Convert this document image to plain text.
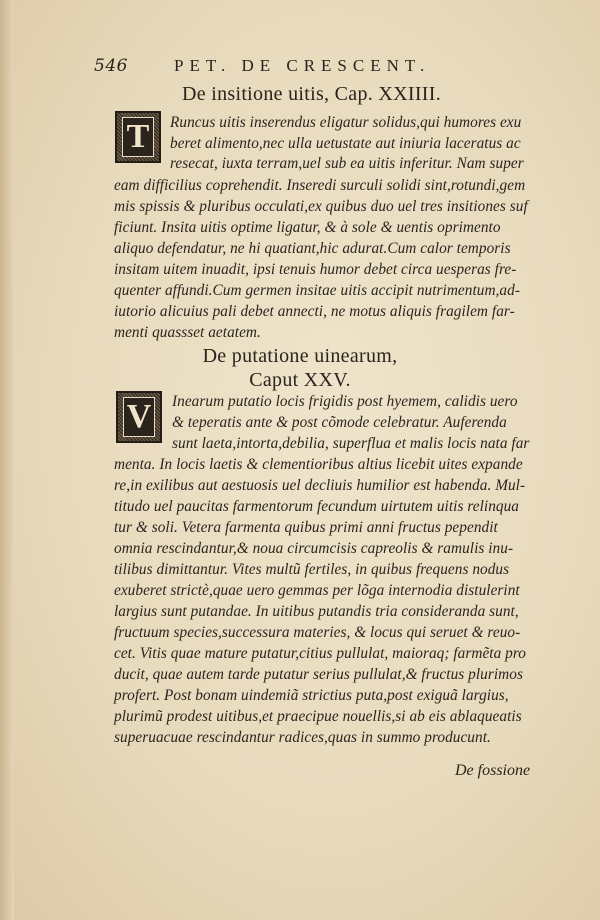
546	PET. DE CRESCENT.
De insitione uitis, Cap. XXIIII.
T Runcus uitis inserendus eligatur solidus,qui humores exu
beret alimento,nec ulla uetustate aut iniuria laceratus ac
resecat, iuxta terram,uel sub ea uitis inferitur. Nam super
eam difficilius coprehendit. Inseredi surculi solidi sint,rotundi,gem
mis spissis & pluribus occulati,ex quibus duo uel tres insitiones suf
ficiunt. Insita uitis optime ligatur, & à sole & uentis oprimento
aliquo defendatur, ne hi quatiant,hic adurat.Cum calor temporis
insitam uitem inuadit, ipsi tenuis humor debet circa uesperas fre-
quenter affundi.Cum germen insitae uitis accipit nutrimentum,ad-
iutorio alicuius pali debet annecti, ne motus aliquis fragilem far-
menti quassset aetatem.
De putatione uinearum,
Caput XXV.
V Inearum putatio locis frigidis post hyemem, calidis uero
& teperatis ante & post cõmode celebratur. Auferenda
sunt laeta,intorta,debilia, superflua et malis locis nata far
menta. In locis laetis & clementioribus altius licebit uites expande
re,in exilibus aut aestuosis uel decliuis humilior est habenda. Mul-
titudo uel paucitas farmentorum fecundum uirtutem uitis relinqua
tur & soli. Vetera farmenta quibus primi anni fructus pependit
omnia rescindantur,& noua circumcisis capreolis & ramulis inu-
tilibus dimittantur. Vites multũ fertiles, in quibus frequens nodus
exuberet strictè,quae uero gemmas per lõga internodia distulerint
largius sunt putandae. In uitibus putandis tria consideranda sunt,
fructuum species,successura materies, & locus qui seruet & reuo-
cet. Vitis quae mature putatur,citius pullulat, maioraq; farmẽta pro
ducit, quae autem tarde putatur serius pullulat,& fructus plurimos
profert. Post bonam uindemiã strictius puta,post exiguã largius,
plurimũ prodest uitibus,et praecipue nouellis,si ab eis ablaqueatis
superuacuae rescindantur radices,quas in summo producunt.
De fossione
